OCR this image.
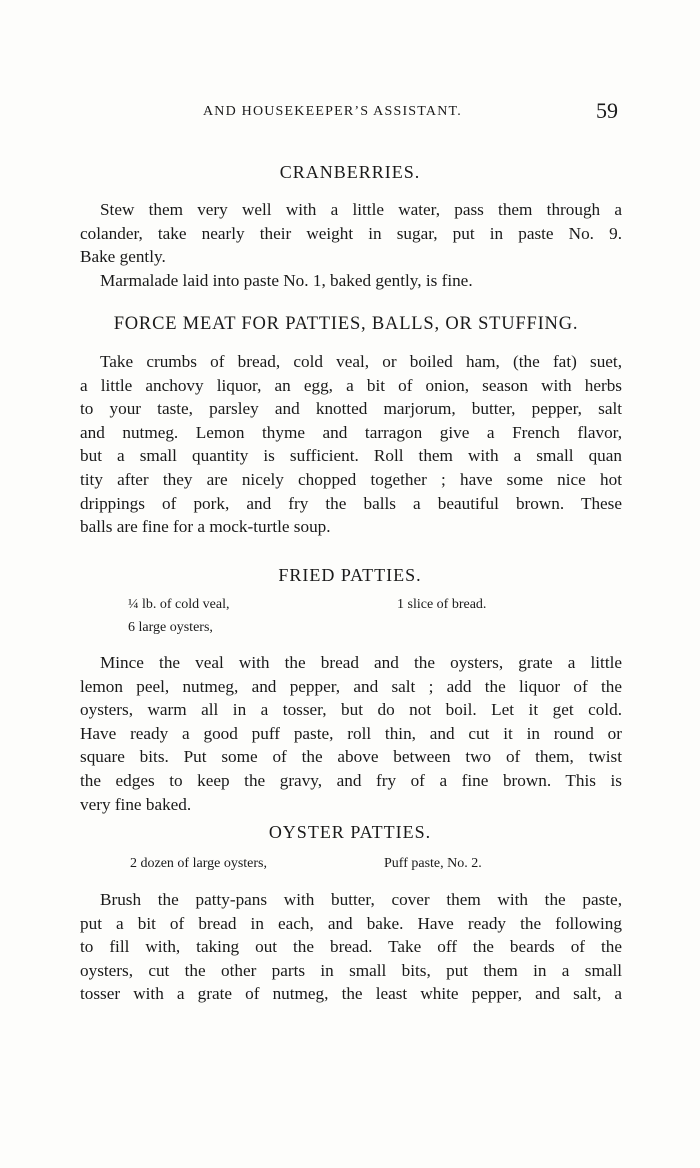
AND HOUSEKEEPER’S ASSISTANT.	59
CRANBERRIES.
Stew them very well with a little water, pass them through a
colander, take nearly their weight in sugar, put in paste No. 9.
Bake gently.
Marmalade laid into paste No. 1, baked gently, is fine.
FORCE MEAT FOR PATTIES, BALLS, OR STUFFING.
Take crumbs of bread, cold veal, or boiled ham, (the fat) suet,
a little anchovy liquor, an egg, a bit of onion, season with herbs
to your taste, parsley and knotted marjorum, butter, pepper, salt
and nutmeg. Lemon thyme and tarragon give a French flavor,
but a small quantity is sufficient. Roll them with a small quan
tity after they are nicely chopped together ; have some nice hot
drippings of pork, and fry the balls a beautiful brown. These
balls are fine for a mock-turtle soup.
FRIED PATTIES.
¼ lb. of cold veal,	1 slice of bread.
6 large oysters,
Mince the veal with the bread and the oysters, grate a little
lemon peel, nutmeg, and pepper, and salt ; add the liquor of the
oysters, warm all in a tosser, but do not boil. Let it get cold.
Have ready a good puff paste, roll thin, and cut it in round or
square bits. Put some of the above between two of them, twist
the edges to keep the gravy, and fry of a fine brown. This is
very fine baked.
OYSTER PATTIES.
2 dozen of large oysters,	Puff paste, No. 2.
Brush the patty-pans with butter, cover them with the paste,
put a bit of bread in each, and bake. Have ready the following
to fill with, taking out the bread. Take off the beards of the
oysters, cut the other parts in small bits, put them in a small
tosser with a grate of nutmeg, the least white pepper, and salt, a
